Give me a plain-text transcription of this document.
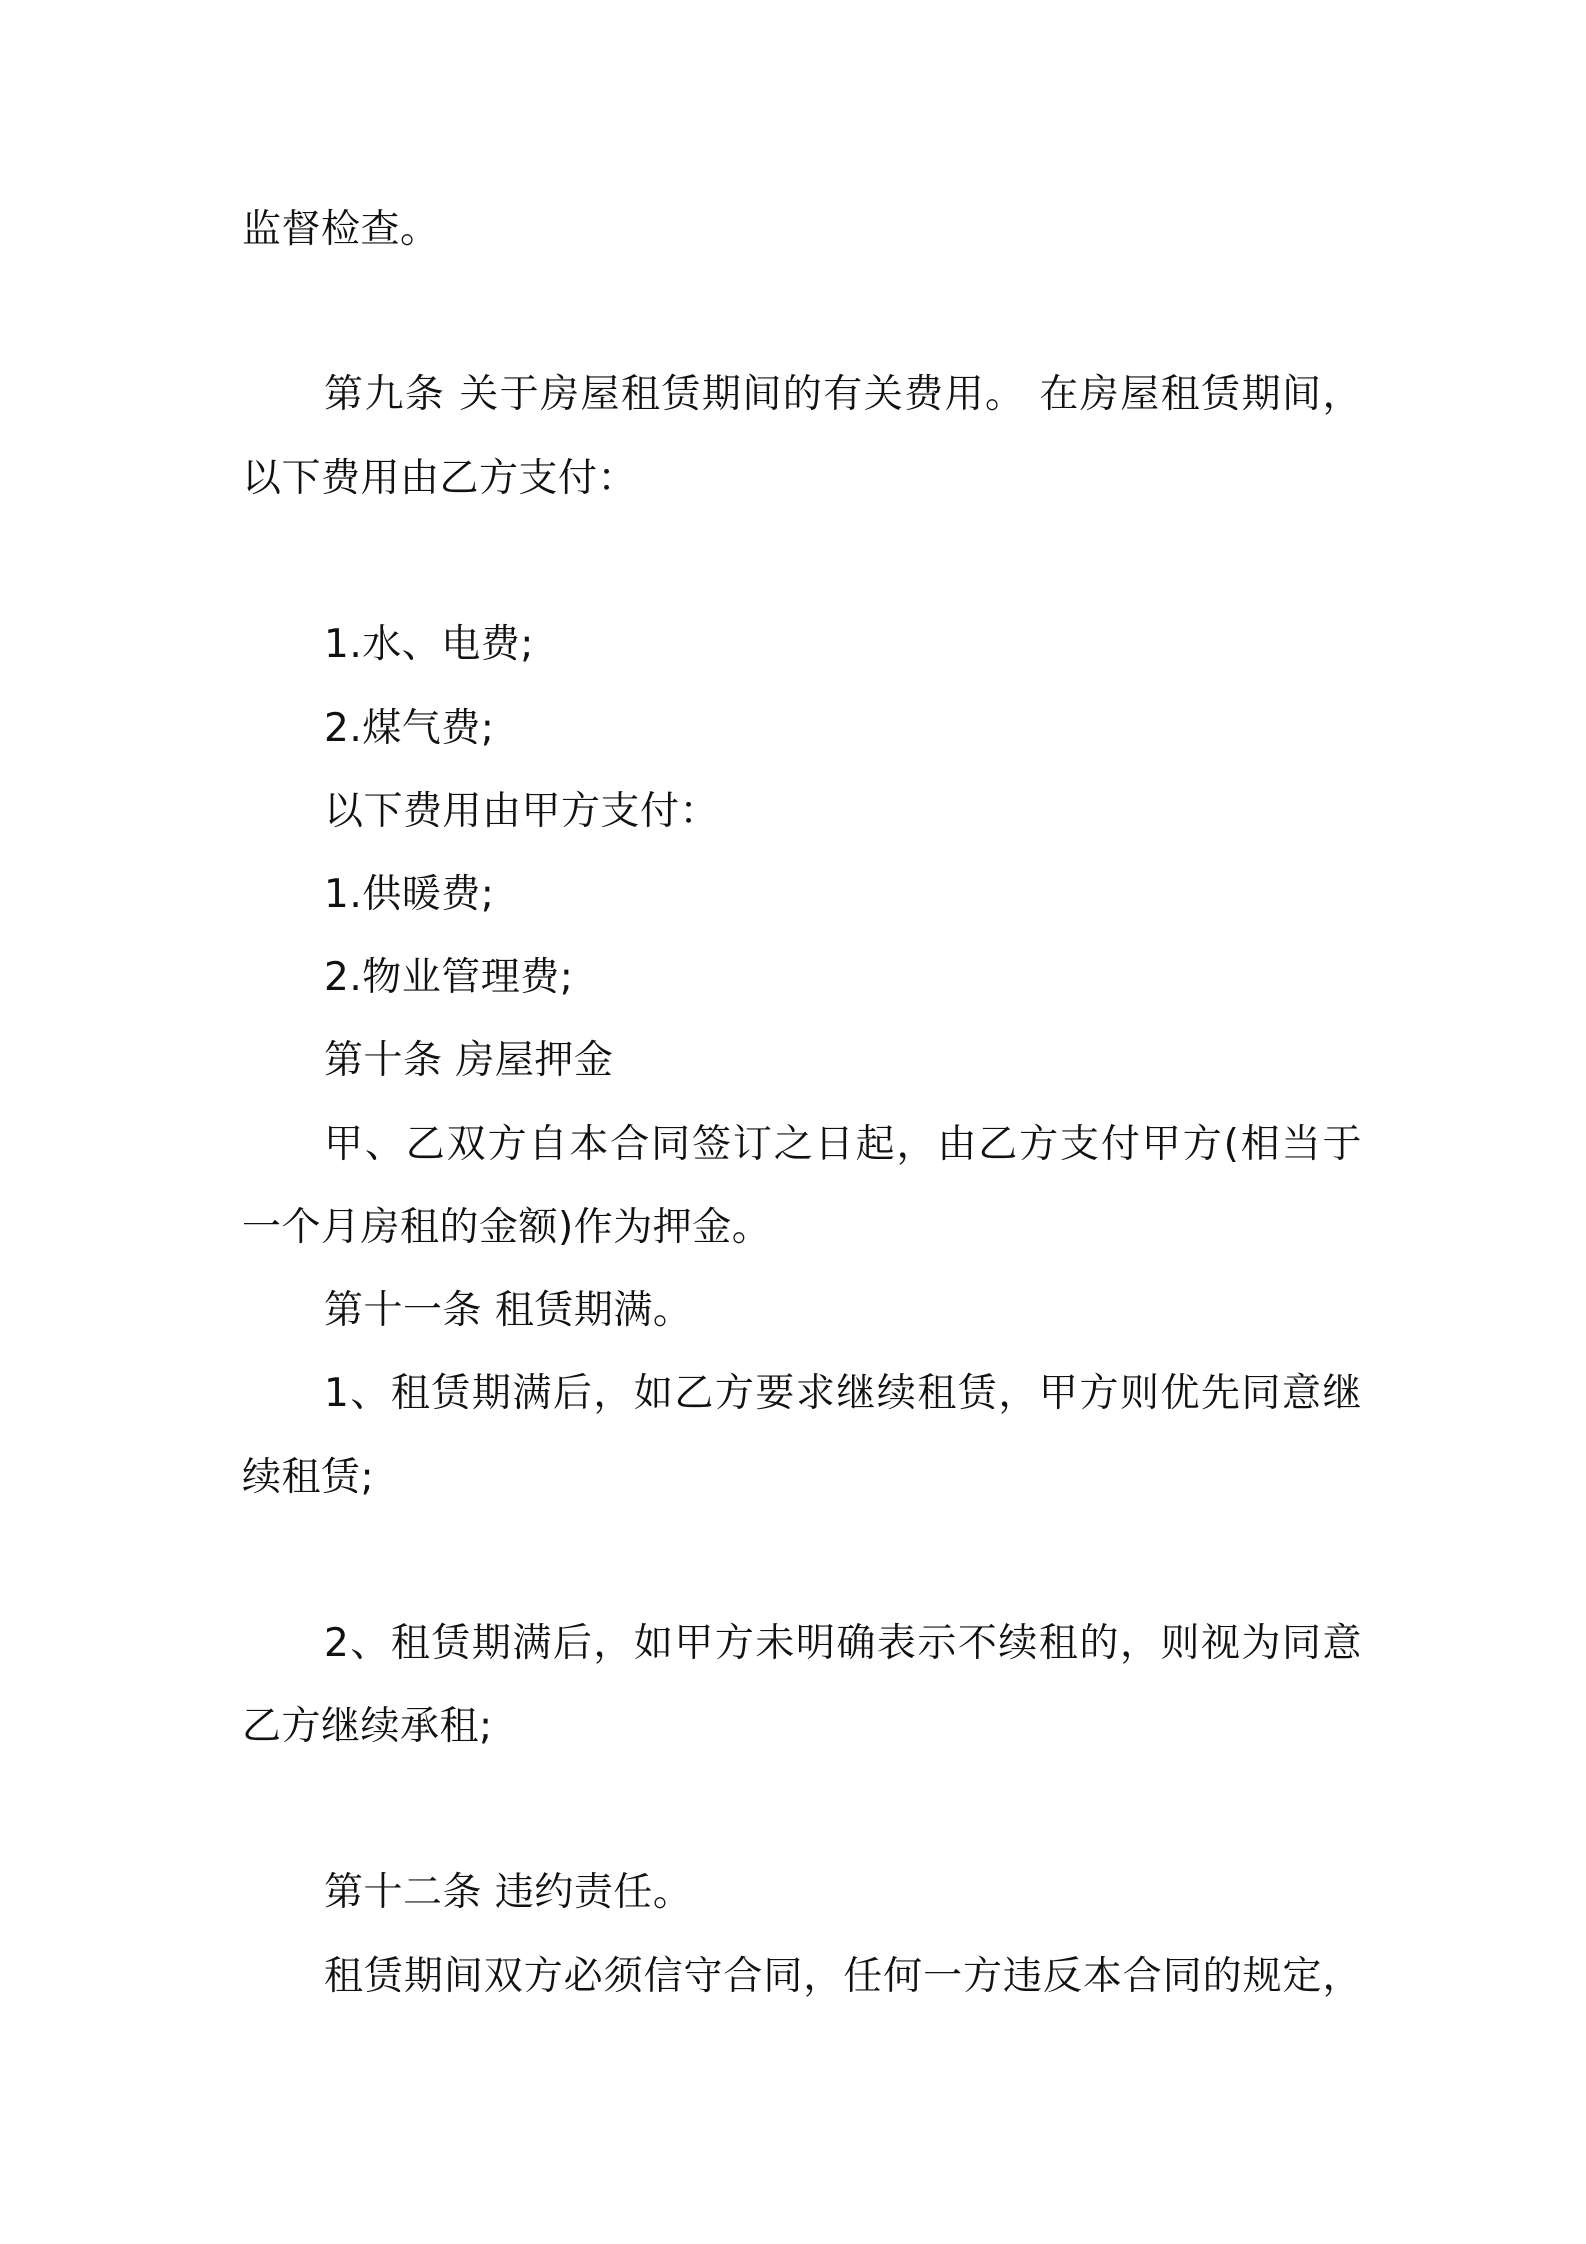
监督检查。
第九条 关于房屋租赁期间的有关费用。 在房屋租赁期间，
以下费用由乙方支付：
1.水、电费;
2.煤气费;
以下费用由甲方支付：
1.供暖费;
2.物业管理费;
第十条 房屋押金
甲、乙双方自本合同签订之日起，由乙方支付甲方(相当于
一个月房租的金额)作为押金。
第十一条 租赁期满。
1、租赁期满后，如乙方要求继续租赁，甲方则优先同意继
续租赁;
2、租赁期满后，如甲方未明确表示不续租的，则视为同意
乙方继续承租;
第十二条 违约责任。
租赁期间双方必须信守合同，任何一方违反本合同的规定，
